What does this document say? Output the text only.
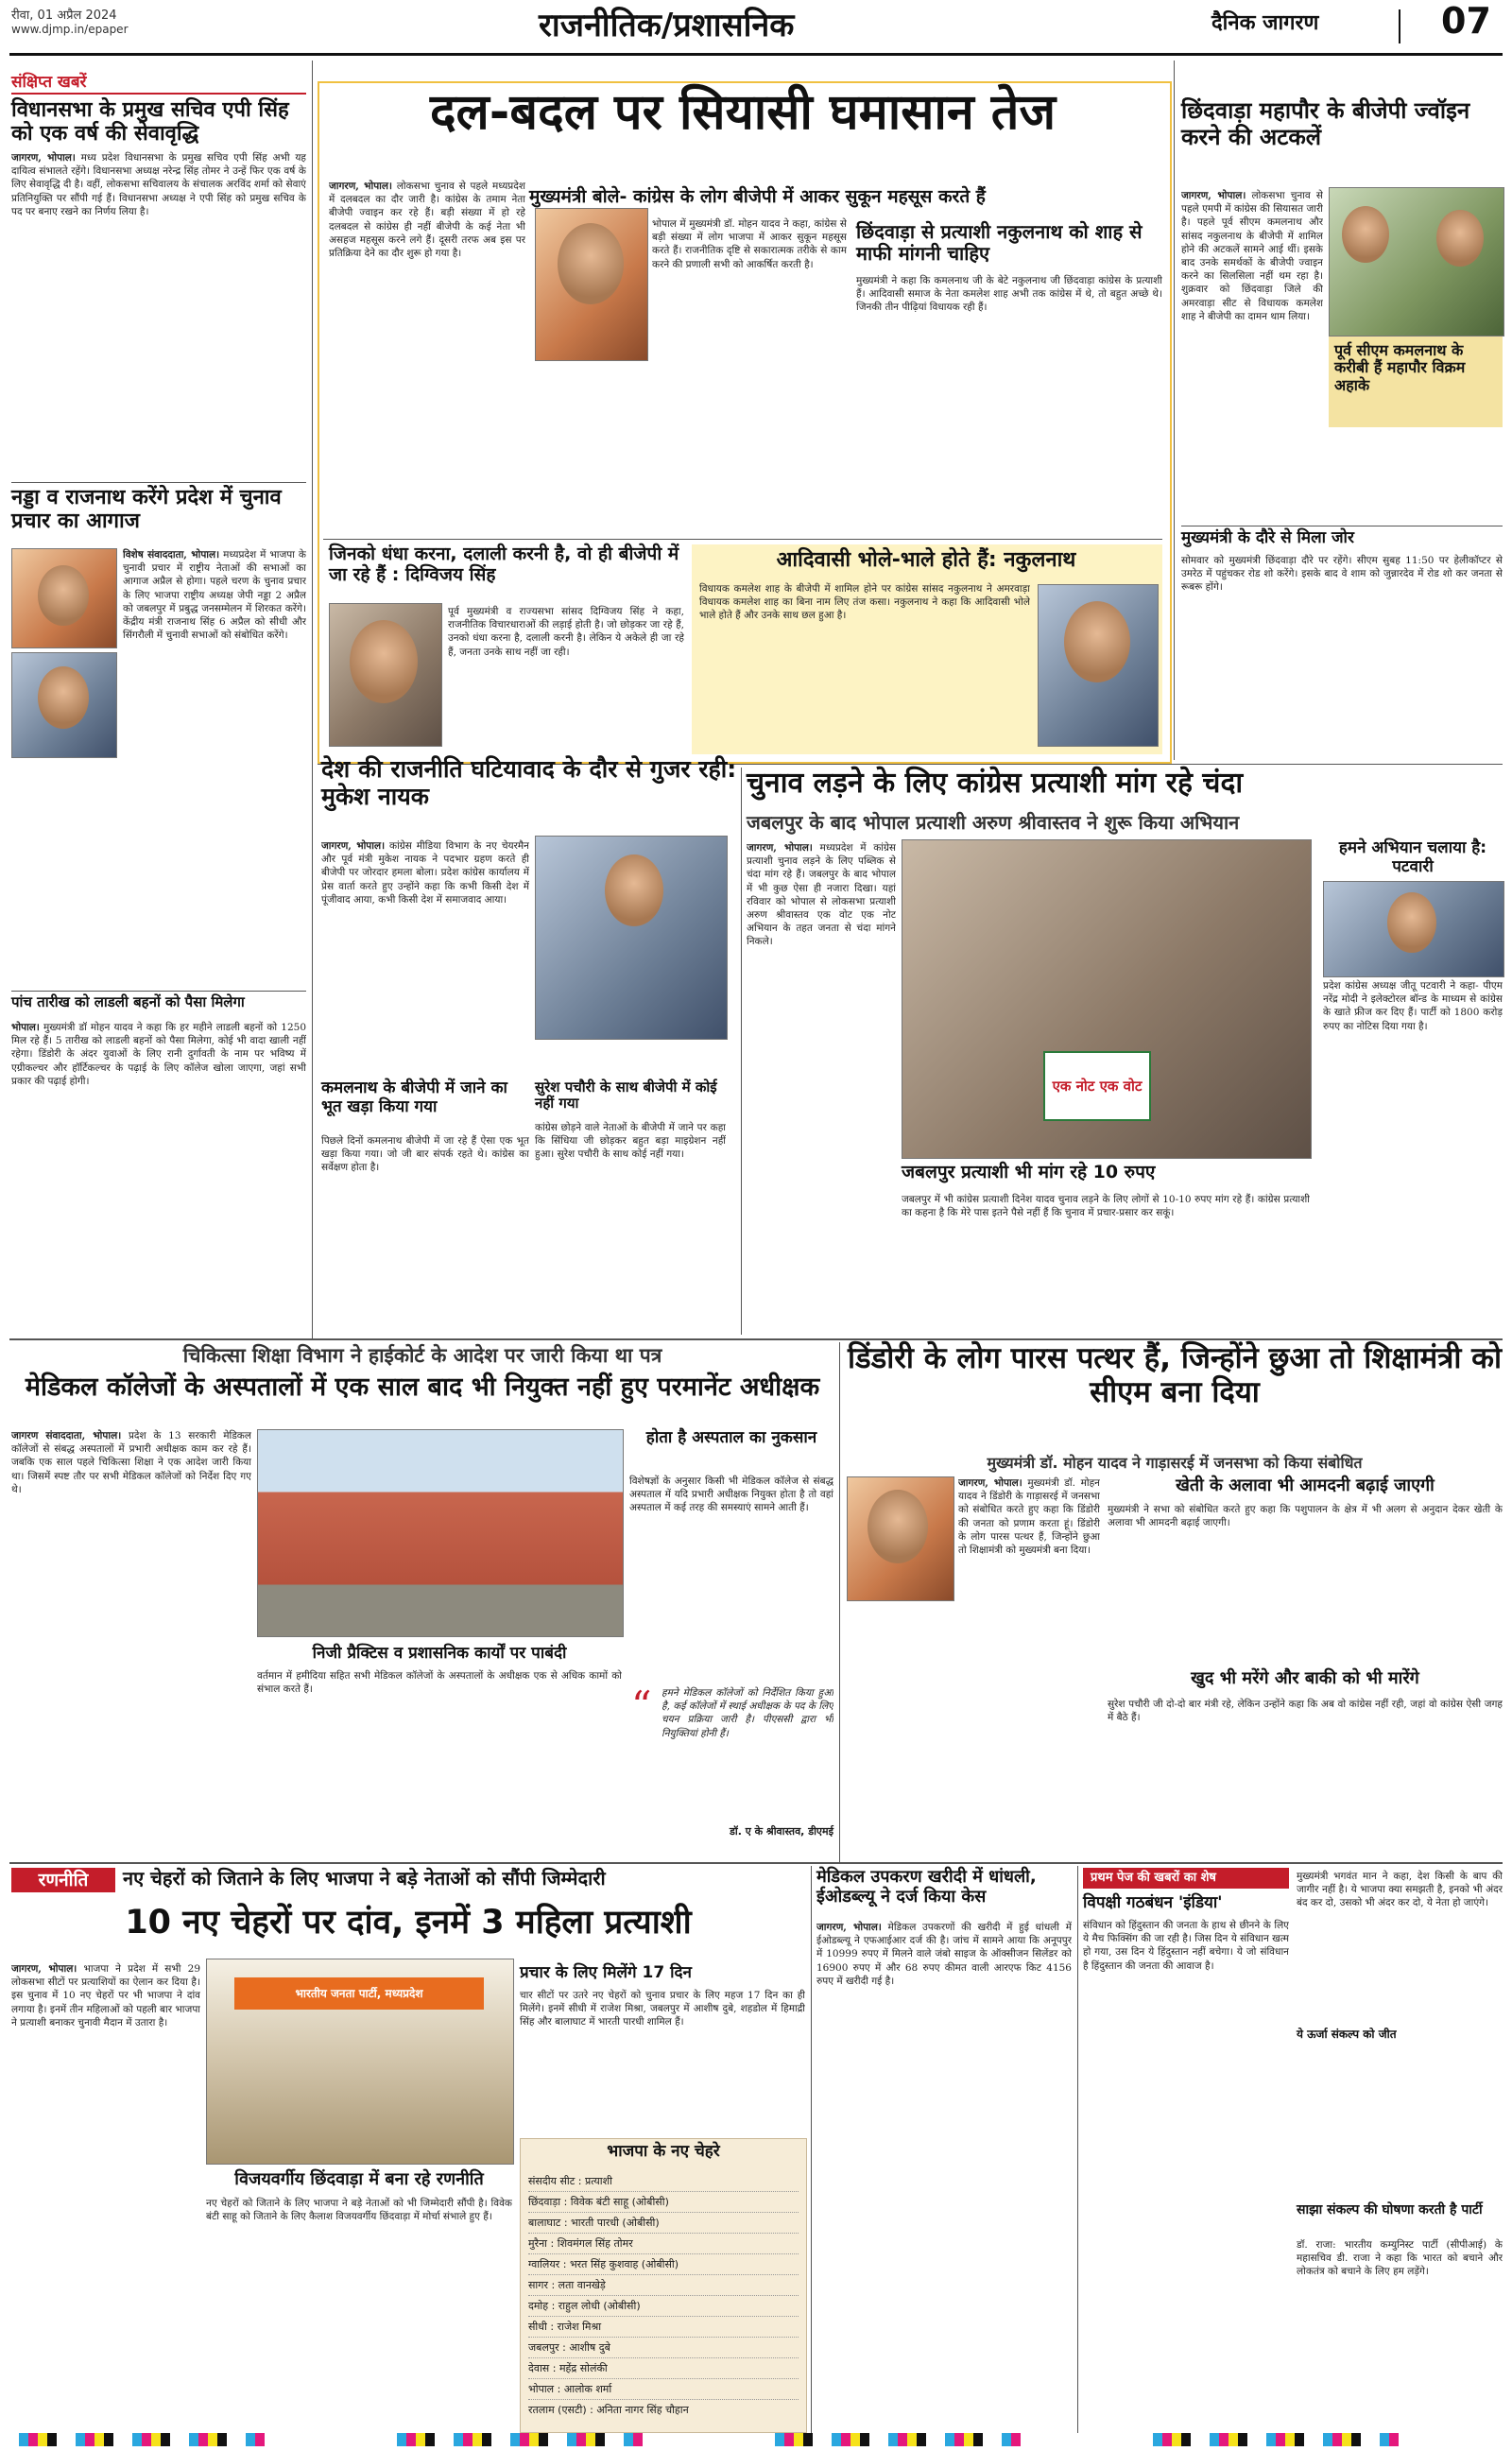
रीवा, 01 अप्रैल 2024
www.djmp.in/epaper	राजनीतिक/प्रशासनिक	दैनिक जागरण	07
संक्षिप्त खबरें
विधानसभा के प्रमुख सचिव एपी सिंह को एक वर्ष की सेवावृद्धि
जागरण, भोपाल। मध्य प्रदेश विधानसभा के प्रमुख सचिव एपी सिंह अभी यह दायित्व संभालते रहेंगे। विधानसभा अध्यक्ष नरेन्द्र सिंह तोमर ने उन्हें फिर एक वर्ष के लिए सेवावृद्धि दी है। वहीं, लोकसभा सचिवालय के संचालक अरविंद शर्मा को सेवाएं प्रतिनियुक्ति पर सौंपी गई हैं। विधानसभा अध्यक्ष ने एपी सिंह को प्रमुख सचिव के पद पर बनाए रखने का निर्णय लिया है।
नड्डा व राजनाथ करेंगे प्रदेश में चुनाव प्रचार का आगाज
विशेष संवाददाता, भोपाल। मध्यप्रदेश में भाजपा के चुनावी प्रचार में राष्ट्रीय नेताओं की सभाओं का आगाज अप्रैल से होगा। पहले चरण के चुनाव प्रचार के लिए भाजपा राष्ट्रीय अध्यक्ष जेपी नड्डा 2 अप्रैल को जबलपुर में प्रबुद्ध जनसम्मेलन में शिरकत करेंगे। केंद्रीय मंत्री राजनाथ सिंह 6 अप्रैल को सीधी और सिंगरौली में चुनावी सभाओं को संबोधित करेंगे।
पांच तारीख को लाडली बहनों को पैसा मिलेगा
भोपाल। मुख्यमंत्री डॉ मोहन यादव ने कहा कि हर महीने लाडली बहनों को 1250 मिल रहे हैं। 5 तारीख को लाडली बहनों को पैसा मिलेगा, कोई भी वादा खाली नहीं रहेगा। डिंडोरी के अंदर युवाओं के लिए रानी दुर्गावती के नाम पर भविष्य में एग्रीकल्चर और हॉर्टिकल्चर के पढ़ाई के लिए कॉलेज खोला जाएगा, जहां सभी प्रकार की पढ़ाई होगी।
दल-बदल पर सियासी घमासान तेज
जागरण, भोपाल। लोकसभा चुनाव से पहले मध्यप्रदेश में दलबदल का दौर जारी है। कांग्रेस के तमाम नेता बीजेपी ज्वाइन कर रहे हैं। बड़ी संख्या में हो रहे दलबदल से कांग्रेस ही नहीं बीजेपी के कई नेता भी असहज महसूस करने लगे हैं। दूसरी तरफ अब इस पर प्रतिक्रिया देने का दौर शुरू हो गया है।
मुख्यमंत्री बोले- कांग्रेस के लोग बीजेपी में आकर सुकून महसूस करते हैं
भोपाल में मुख्यमंत्री डॉ. मोहन यादव ने कहा, कांग्रेस से बड़ी संख्या में लोग भाजपा में आकर सुकून महसूस करते हैं। राजनीतिक दृष्टि से सकारात्मक तरीके से काम करने की प्रणाली सभी को आकर्षित करती है।
छिंदवाड़ा से प्रत्याशी नकुलनाथ को शाह से माफी मांगनी चाहिए
मुख्यमंत्री ने कहा कि कमलनाथ जी के बेटे नकुलनाथ जी छिंदवाड़ा कांग्रेस के प्रत्याशी हैं। आदिवासी समाज के नेता कमलेश शाह अभी तक कांग्रेस में थे, तो बहुत अच्छे थे। जिनकी तीन पीढ़ियां विधायक रही हैं।
जिनको धंधा करना, दलाली करनी है, वो ही बीजेपी में जा रहे हैं : दिग्विजय सिंह
पूर्व मुख्यमंत्री व राज्यसभा सांसद दिग्विजय सिंह ने कहा, राजनीतिक विचारधाराओं की लड़ाई होती है। जो छोड़कर जा रहे हैं, उनको धंधा करना है, दलाली करनी है। लेकिन ये अकेले ही जा रहे हैं, जनता उनके साथ नहीं जा रही।
आदिवासी भोले-भाले होते हैं: नकुलनाथ
विधायक कमलेश शाह के बीजेपी में शामिल होने पर कांग्रेस सांसद नकुलनाथ ने अमरवाड़ा विधायक कमलेश शाह का बिना नाम लिए तंज कसा। नकुलनाथ ने कहा कि आदिवासी भोले भाले होते हैं और उनके साथ छल हुआ है।
छिंदवाड़ा महापौर के बीजेपी ज्वॉइन करने की अटकलें
जागरण, भोपाल। लोकसभा चुनाव से पहले एमपी में कांग्रेस की सियासत जारी है। पहले पूर्व सीएम कमलनाथ और सांसद नकुलनाथ के बीजेपी में शामिल होने की अटकलें सामने आई थीं। इसके बाद उनके समर्थकों के बीजेपी ज्वाइन करने का सिलसिला नहीं थम रहा है। शुक्रवार को छिंदवाड़ा जिले की अमरवाड़ा सीट से विधायक कमलेश शाह ने बीजेपी का दामन थाम लिया।
पूर्व सीएम कमलनाथ के करीबी हैं महापौर विक्रम अहाके
मुख्यमंत्री के दौरे से मिला जोर
सोमवार को मुख्यमंत्री छिंदवाड़ा दौरे पर रहेंगे। सीएम सुबह 11:50 पर हेलीकॉप्टर से उमरेठ में पहुंचकर रोड शो करेंगे। इसके बाद वे शाम को जुन्नारदेव में रोड शो कर जनता से रूबरू होंगे।
देश की राजनीति घटियावाद के दौर से गुजर रही: मुकेश नायक
जागरण, भोपाल। कांग्रेस मीडिया विभाग के नए चेयरमैन और पूर्व मंत्री मुकेश नायक ने पदभार ग्रहण करते ही बीजेपी पर जोरदार हमला बोला। प्रदेश कांग्रेस कार्यालय में प्रेस वार्ता करते हुए उन्होंने कहा कि कभी किसी देश में पूंजीवाद आया, कभी किसी देश में समाजवाद आया।
कमलनाथ के बीजेपी में जाने का भूत खड़ा किया गया
पिछले दिनों कमलनाथ बीजेपी में जा रहे हैं ऐसा एक भूत खड़ा किया गया। जो जी बार संपर्क रहते थे। कांग्रेस का सर्वेक्षण होता है।
सुरेश पचौरी के साथ बीजेपी में कोई नहीं गया
कांग्रेस छोड़ने वाले नेताओं के बीजेपी में जाने पर कहा कि सिंधिया जी छोड़कर बहुत बड़ा माइग्रेशन नहीं हुआ। सुरेश पचौरी के साथ कोई नहीं गया।
चुनाव लड़ने के लिए कांग्रेस प्रत्याशी मांग रहे चंदा
जबलपुर के बाद भोपाल प्रत्याशी अरुण श्रीवास्तव ने शुरू किया अभियान
जागरण, भोपाल। मध्यप्रदेश में कांग्रेस प्रत्याशी चुनाव लड़ने के लिए पब्लिक से चंदा मांग रहे हैं। जबलपुर के बाद भोपाल में भी कुछ ऐसा ही नजारा दिखा। यहां रविवार को भोपाल से लोकसभा प्रत्याशी अरुण श्रीवास्तव एक वोट एक नोट अभियान के तहत जनता से चंदा मांगने निकले।
एक नोट एक वोट
हमने अभियान चलाया है: पटवारी
प्रदेश कांग्रेस अध्यक्ष जीतू पटवारी ने कहा- पीएम नरेंद्र मोदी ने इलेक्टोरल बॉन्ड के माध्यम से कांग्रेस के खाते फ्रीज कर दिए हैं। पार्टी को 1800 करोड़ रुपए का नोटिस दिया गया है।
जबलपुर प्रत्याशी भी मांग रहे 10 रुपए
जबलपुर में भी कांग्रेस प्रत्याशी दिनेश यादव चुनाव लड़ने के लिए लोगों से 10-10 रुपए मांग रहे हैं। कांग्रेस प्रत्याशी का कहना है कि मेरे पास इतने पैसे नहीं हैं कि चुनाव में प्रचार-प्रसार कर सकूं।
चिकित्सा शिक्षा विभाग ने हाईकोर्ट के आदेश पर जारी किया था पत्र
मेडिकल कॉलेजों के अस्पतालों में एक साल बाद भी नियुक्त नहीं हुए परमानेंट अधीक्षक
जागरण संवाददाता, भोपाल। प्रदेश के 13 सरकारी मेडिकल कॉलेजों से संबद्ध अस्पतालों में प्रभारी अधीक्षक काम कर रहे हैं। जबकि एक साल पहले चिकित्सा शिक्षा ने एक आदेश जारी किया था। जिसमें स्पष्ट तौर पर सभी मेडिकल कॉलेजों को निर्देश दिए गए थे।
होता है अस्पताल का नुकसान
विशेषज्ञों के अनुसार किसी भी मेडिकल कॉलेज से संबद्ध अस्पताल में यदि प्रभारी अधीक्षक नियुक्त होता है तो वहां अस्पताल में कई तरह की समस्याएं सामने आती हैं।
“ हमने मेडिकल कॉलेजों को निर्देशित किया हुआ है, कई कॉलेजों में स्थाई अधीक्षक के पद के लिए चयन प्रक्रिया जारी है। पीएससी द्वारा भी नियुक्तियां होनी हैं।
डॉ. ए के श्रीवास्तव, डीएमई
निजी प्रैक्टिस व प्रशासनिक कार्यों पर पाबंदी
वर्तमान में हमीदिया सहित सभी मेडिकल कॉलेजों के अस्पतालों के अधीक्षक एक से अधिक कामों को संभाल करते हैं।
डिंडोरी के लोग पारस पत्थर हैं, जिन्होंने छुआ तो शिक्षामंत्री को सीएम बना दिया
मुख्यमंत्री डॉ. मोहन यादव ने गाड़ासरई में जनसभा को किया संबोधित
जागरण, भोपाल। मुख्यमंत्री डॉ. मोहन यादव ने डिंडोरी के गाड़ासरई में जनसभा को संबोधित करते हुए कहा कि डिंडोरी की जनता को प्रणाम करता हूं। डिंडोरी के लोग पारस पत्थर हैं, जिन्होंने छुआ तो शिक्षामंत्री को मुख्यमंत्री बना दिया।
खेती के अलावा भी आमदनी बढ़ाई जाएगी
मुख्यमंत्री ने सभा को संबोधित करते हुए कहा कि पशुपालन के क्षेत्र में भी अलग से अनुदान देकर खेती के अलावा भी आमदनी बढ़ाई जाएगी।
खुद भी मरेंगे और बाकी को भी मारेंगे
सुरेश पचौरी जी दो-दो बार मंत्री रहे, लेकिन उन्होंने कहा कि अब वो कांग्रेस नहीं रही, जहां वो कांग्रेस ऐसी जगह में बैठे हैं।
रणनीति	नए चेहरों को जिताने के लिए भाजपा ने बड़े नेताओं को सौंपी जिम्मेदारी
10 नए चेहरों पर दांव, इनमें 3 महिला प्रत्याशी
जागरण, भोपाल। भाजपा ने प्रदेश में सभी 29 लोकसभा सीटों पर प्रत्याशियों का ऐलान कर दिया है। इस चुनाव में 10 नए चेहरों पर भी भाजपा ने दांव लगाया है। इनमें तीन महिलाओं को पहली बार भाजपा ने प्रत्याशी बनाकर चुनावी मैदान में उतारा है।
भारतीय जनता पार्टी, मध्यप्रदेश
प्रचार के लिए मिलेंगे 17 दिन
चार सीटों पर उतरे नए चेहरों को चुनाव प्रचार के लिए महज 17 दिन का ही मिलेंगे। इनमें सीधी में राजेश मिश्रा, जबलपुर में आशीष दुबे, शहडोल में हिमाद्री सिंह और बालाघाट में भारती पारधी शामिल हैं।
भाजपा के नए चेहरे
संसदीय सीट : प्रत्याशी
छिंदवाड़ा : विवेक बंटी साहू (ओबीसी)
बालाघाट : भारती पारधी (ओबीसी)
मुरैना : शिवमंगल सिंह तोमर
ग्वालियर : भरत सिंह कुशवाह (ओबीसी)
सागर : लता वानखेड़े
दमोह : राहुल लोधी (ओबीसी)
सीधी : राजेश मिश्रा
जबलपुर : आशीष दुबे
देवास : महेंद्र सोलंकी
भोपाल : आलोक शर्मा
रतलाम (एसटी) : अनिता नागर सिंह चौहान
विजयवर्गीय छिंदवाड़ा में बना रहे रणनीति
नए चेहरों को जिताने के लिए भाजपा ने बड़े नेताओं को भी जिम्मेदारी सौंपी है। विवेक बंटी साहू को जिताने के लिए कैलाश विजयवर्गीय छिंदवाड़ा में मोर्चा संभाले हुए हैं।
मेडिकल उपकरण खरीदी में धांधली, ईओडब्ल्यू ने दर्ज किया केस
जागरण, भोपाल। मेडिकल उपकरणों की खरीदी में हुई धांधली में ईओडब्ल्यू ने एफआईआर दर्ज की है। जांच में सामने आया कि अनूपपुर में 10999 रुपए में मिलने वाले जंबो साइज के ऑक्सीजन सिलेंडर को 16900 रुपए में और 68 रुपए कीमत वाली आरएफ किट 4156 रुपए में खरीदी गई है।
प्रथम पेज की खबरों का शेष
विपक्षी गठबंधन 'इंडिया'
संविधान को हिंदुस्तान की जनता के हाथ से छीनने के लिए ये मैच फिक्सिंग की जा रही है। जिस दिन ये संविधान खत्म हो गया, उस दिन ये हिंदुस्तान नहीं बचेगा। ये जो संविधान है हिंदुस्तान की जनता की आवाज है।
मुख्यमंत्री भगवंत मान ने कहा, देश किसी के बाप की जागीर नहीं है। ये भाजपा क्या समझती है, इनको भी अंदर बंद कर दो, उसको भी अंदर कर दो, ये नेता हो जाएंगे।
ये ऊर्जा संकल्प को जीत
साझा संकल्प की घोषणा करती है पार्टी
डॉ. राजा: भारतीय कम्युनिस्ट पार्टी (सीपीआई) के महासचिव डी. राजा ने कहा कि भारत को बचाने और लोकतंत्र को बचाने के लिए हम लड़ेंगे।
